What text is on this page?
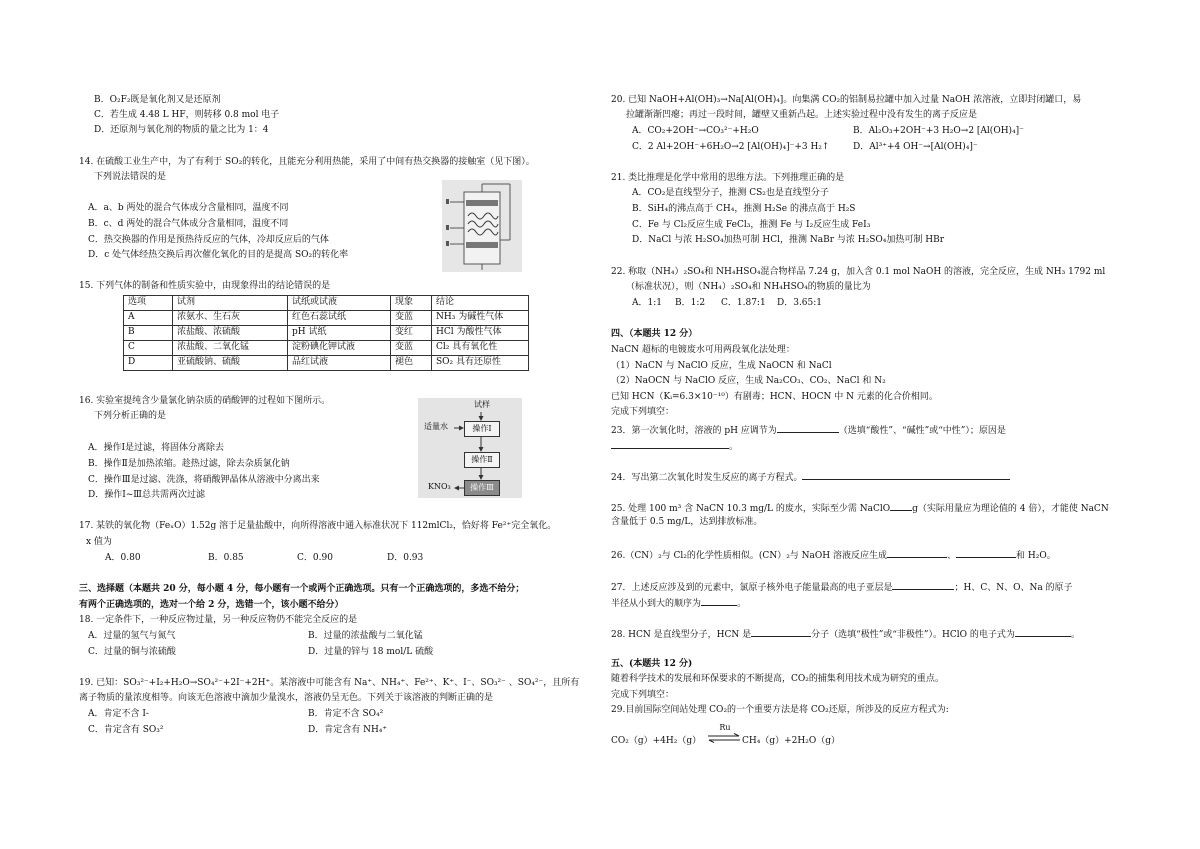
B．O₂F₂既是氧化剂又是还原剂
C．若生成 4.48 L HF，则转移 0.8 mol 电子
D．还原剂与氧化剂的物质的量之比为 1：4
14. 在硫酸工业生产中，为了有利于 SO₂的转化，且能充分利用热能，采用了中间有热交换器的接触室（见下图）。
下列说法错误的是
A．a、b 两处的混合气体成分含量相同，温度不同
B．c、d 两处的混合气体成分含量相同，温度不同
C．热交换器的作用是预热待反应的气体，冷却反应后的气体
D．c 处气体经热交换后再次催化氧化的目的是提高 SO₂的转化率
15. 下列气体的制备和性质实验中，由现象得出的结论错误的是
选项	试剂	试纸或试液	现象	结论
A	浓氨水、生石灰	红色石蕊试纸	变蓝	NH₃ 为碱性气体
B	浓盐酸、浓硫酸	pH 试纸	变红	HCl 为酸性气体
C	浓盐酸、二氧化锰	淀粉碘化钾试液	变蓝	Cl₂ 具有氧化性
D	亚硫酸钠、硫酸	品红试液	褪色	SO₂ 具有还原性
16. 实验室提纯含少量氯化钠杂质的硝酸钾的过程如下图所示。
下列分析正确的是
A．操作Ⅰ是过滤，将固体分离除去
B．操作Ⅱ是加热浓缩。趁热过滤，除去杂质氯化钠
C．操作Ⅲ是过滤、洗涤，将硝酸钾晶体从溶液中分离出来
D．操作Ⅰ~Ⅲ总共需两次过滤
试样
适量水	操作Ⅰ
操作Ⅱ
操作Ⅲ
KNO₃
17. 某铁的氧化物（FeₓO）1.52g 溶于足量盐酸中，向所得溶液中通入标准状况下 112mlCl₂，恰好将 Fe²⁺完全氧化。
x 值为
A．0.80	B．0.85	C．0.90	D．0.93
三、选择题（本题共 20 分，每小题 4 分，每小题有一个或两个正确选项。只有一个正确选项的，多选不给分；
有两个正确选项的，选对一个给 2 分，选错一个，该小题不给分）
18. 一定条件下，一种反应物过量，另一种反应物仍不能完全反应的是
A．过量的氢气与氮气	B．过量的浓盐酸与二氧化锰
C．过量的铜与浓硫酸	D．过量的锌与 18 mol/L 硫酸
19. 已知：SO₃²⁻+I₂+H₂O→SO₄²⁻+2I⁻+2H⁺。某溶液中可能含有 Na⁺、NH₄⁺、Fe²⁺、K⁺、I⁻、SO₃²⁻ 、SO₄²⁻，且所有
离子物质的量浓度相等。向该无色溶液中滴加少量溴水，溶液仍呈无色。下列关于该溶液的判断正确的是
A．肯定不含 I-	B．肯定不含 SO₄²
C．肯定含有 SO₃²	D．肯定含有 NH₄⁺
20. 已知 NaOH+Al(OH)₃→Na[Al(OH)₄]。向集满 CO₂的铝制易拉罐中加入过量 NaOH 浓溶液，立即封闭罐口，易
拉罐渐渐凹瘪；再过一段时间，罐壁又重新凸起。上述实验过程中没有发生的离子反应是
A．CO₂+2OH⁻→CO₃²⁻+H₂O	B．Al₂O₃+2OH⁻+3 H₂O→2 [Al(OH)₄]⁻
C．2 Al+2OH⁻+6H₂O→2 [Al(OH)₄]⁻+3 H₂↑	D．Al³⁺+4 OH⁻→[Al(OH)₄]⁻
21. 类比推理是化学中常用的思维方法。下列推理正确的是
A．CO₂是直线型分子，推测 CS₂也是直线型分子
B．SiH₄的沸点高于 CH₄，推测 H₂Se 的沸点高于 H₂S
C．Fe 与 Cl₂反应生成 FeCl₃，推测 Fe 与 I₂反应生成 FeI₃
D．NaCl 与浓 H₂SO₄加热可制 HCl，推测 NaBr 与浓 H₂SO₄加热可制 HBr
22. 称取（NH₄）₂SO₄和 NH₄HSO₄混合物样品 7.24 g，加入含 0.1 mol NaOH 的溶液，完全反应，生成 NH₃ 1792 ml
（标准状况），则（NH₄）₂SO₄和 NH₄HSO₄的物质的量比为
A．1:1 B．1:2 C．1.87:1 D．3.65:1
四、（本题共 12 分）
NaCN 超标的电镀废水可用两段氧化法处理：
（1）NaCN 与 NaClO 反应，生成 NaOCN 和 NaCl
（2）NaOCN 与 NaClO 反应，生成 Na₂CO₃、CO₂、NaCl 和 N₂
已知 HCN（Kᵢ=6.3×10⁻¹⁰）有剧毒；HCN、HOCN 中 N 元素的化合价相同。
完成下列填空：
23．第一次氧化时，溶液的 pH 应调节为	（选填“酸性”、“碱性”或“中性”）；原因是
。
24．写出第二次氧化时发生反应的离子方程式。
25. 处理 100 m³ 含 NaCN 10.3 mg/L 的废水，实际至少需 NaClO g（实际用量应为理论值的 4 倍），才能使 NaCN
含量低于 0.5 mg/L，达到排放标准。
26.（CN）₂与 Cl₂的化学性质相似。(CN）₂与 NaOH 溶液反应生成	、	和 H₂O。
27．上述反应涉及到的元素中，氯原子核外电子能量最高的电子亚层是	；H、C、N、O、Na 的原子
半径从小到大的顺序为	。
28. HCN 是直线型分子，HCN 是	分子（选填“极性”或“非极性”）。HClO 的电子式为	。
五、(本题共 12 分)
随着科学技术的发展和环保要求的不断提高，CO₂的捕集利用技术成为研究的重点。
完成下列填空：
29.目前国际空间站处理 CO₂的一个重要方法是将 CO₂还原，所涉及的反应方程式为:
CO₂（g）+4H₂（g）
Ru
⇌ CH₄（g）+2H₂O（g）
